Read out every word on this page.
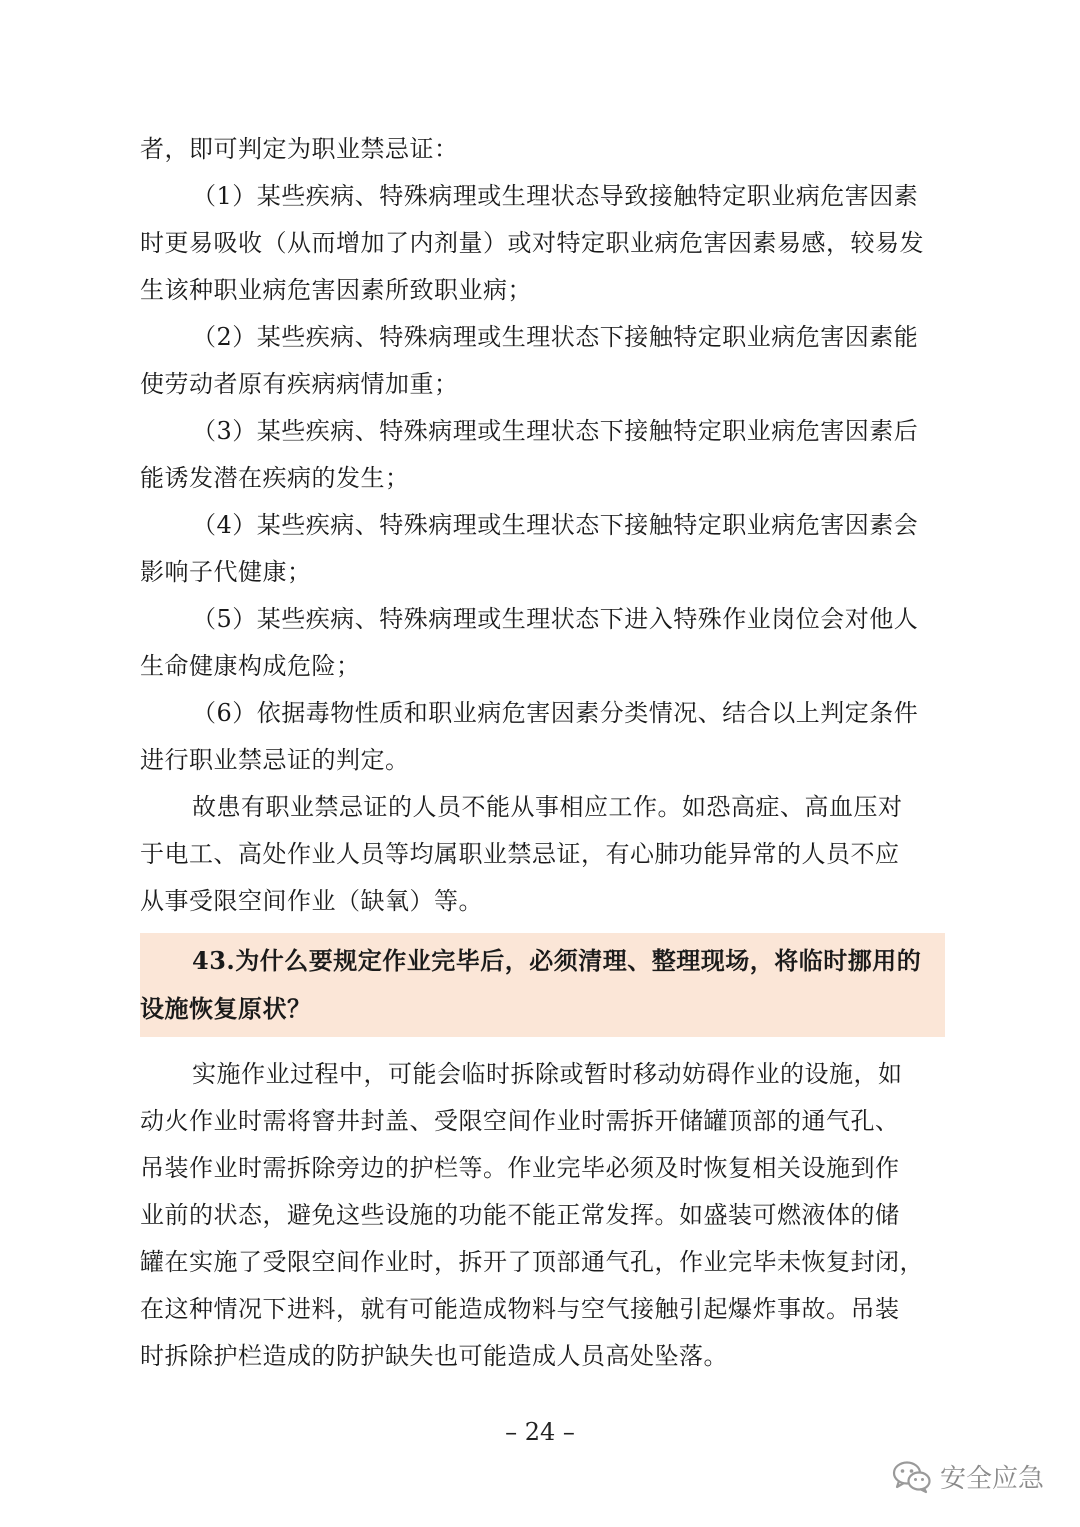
者，即可判定为职业禁忌证：
（1）某些疾病、特殊病理或生理状态导致接触特定职业病危害因素
时更易吸收（从而增加了内剂量）或对特定职业病危害因素易感，较易发
生该种职业病危害因素所致职业病；
（2）某些疾病、特殊病理或生理状态下接触特定职业病危害因素能
使劳动者原有疾病病情加重；
（3）某些疾病、特殊病理或生理状态下接触特定职业病危害因素后
能诱发潜在疾病的发生；
（4）某些疾病、特殊病理或生理状态下接触特定职业病危害因素会
影响子代健康；
（5）某些疾病、特殊病理或生理状态下进入特殊作业岗位会对他人
生命健康构成危险；
（6）依据毒物性质和职业病危害因素分类情况、结合以上判定条件
进行职业禁忌证的判定。
故患有职业禁忌证的人员不能从事相应工作。如恐高症、高血压对
于电工、高处作业人员等均属职业禁忌证，有心肺功能异常的人员不应
从事受限空间作业（缺氧）等。
43.为什么要规定作业完毕后，必须清理、整理现场，将临时挪用的
设施恢复原状？
实施作业过程中，可能会临时拆除或暂时移动妨碍作业的设施，如
动火作业时需将窨井封盖、受限空间作业时需拆开储罐顶部的通气孔、
吊装作业时需拆除旁边的护栏等。作业完毕必须及时恢复相关设施到作
业前的状态，避免这些设施的功能不能正常发挥。如盛装可燃液体的储
罐在实施了受限空间作业时，拆开了顶部通气孔，作业完毕未恢复封闭，
在这种情况下进料，就有可能造成物料与空气接触引起爆炸事故。吊装
时拆除护栏造成的防护缺失也可能造成人员高处坠落。
– 24 –
安全应急
